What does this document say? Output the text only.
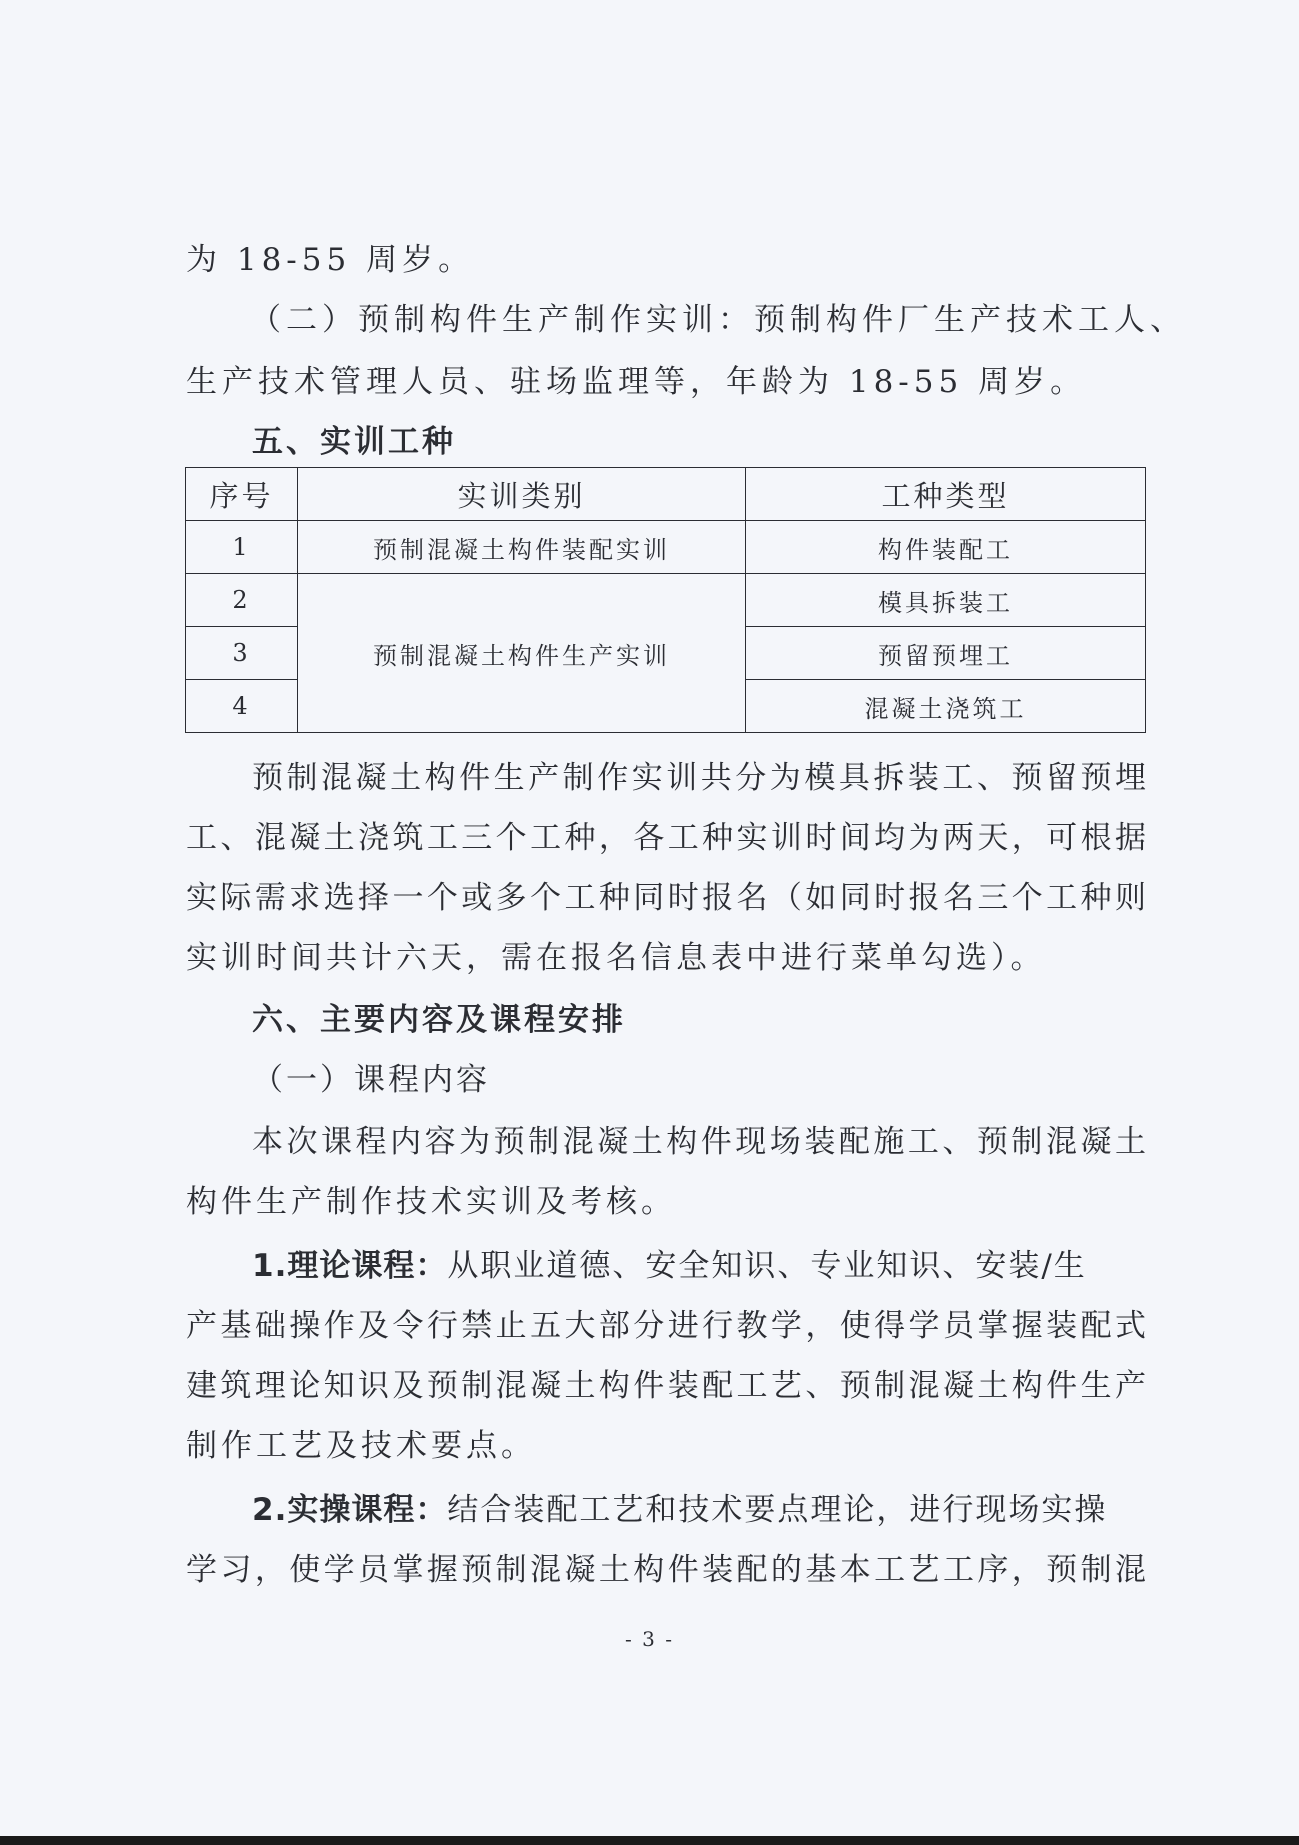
为 18-55 周岁。
（二）预制构件生产制作实训：预制构件厂生产技术工人、
生产技术管理人员、驻场监理等，年龄为 18-55 周岁。
五、实训工种
序号	实训类别	工种类型
1	预制混凝土构件装配实训	构件装配工
2	预制混凝土构件生产实训	模具拆装工
3		预留预埋工
4		混凝土浇筑工
预制混凝土构件生产制作实训共分为模具拆装工、预留预埋
工、混凝土浇筑工三个工种，各工种实训时间均为两天，可根据
实际需求选择一个或多个工种同时报名（如同时报名三个工种则
实训时间共计六天，需在报名信息表中进行菜单勾选）。
六、主要内容及课程安排
（一）课程内容
本次课程内容为预制混凝土构件现场装配施工、预制混凝土
构件生产制作技术实训及考核。
1.理论课程：从职业道德、安全知识、专业知识、安装/生
产基础操作及令行禁止五大部分进行教学，使得学员掌握装配式
建筑理论知识及预制混凝土构件装配工艺、预制混凝土构件生产
制作工艺及技术要点。
2.实操课程：结合装配工艺和技术要点理论，进行现场实操
学习，使学员掌握预制混凝土构件装配的基本工艺工序，预制混
- 3 -
